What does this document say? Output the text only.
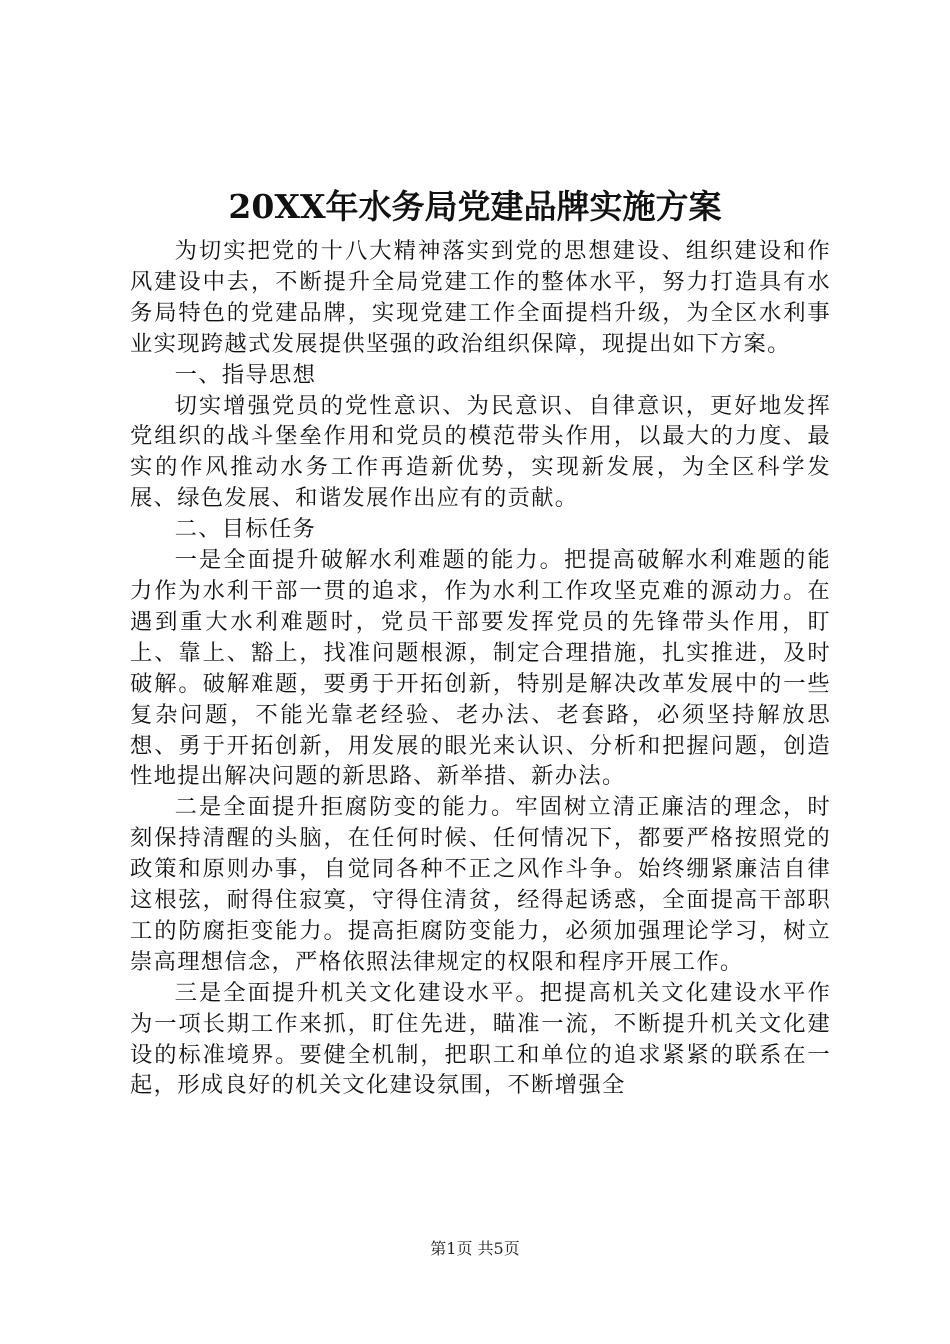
20XX年水务局党建品牌实施方案

为切实把党的十八大精神落实到党的思想建设、组织建设和作风建设中去，不断提升全局党建工作的整体水平，努力打造具有水务局特色的党建品牌，实现党建工作全面提档升级，为全区水利事业实现跨越式发展提供坚强的政治组织保障，现提出如下方案。

一、指导思想

切实增强党员的党性意识、为民意识、自律意识，更好地发挥党组织的战斗堡垒作用和党员的模范带头作用，以最大的力度、最实的作风推动水务工作再造新优势，实现新发展，为全区科学发展、绿色发展、和谐发展作出应有的贡献。

二、目标任务

一是全面提升破解水利难题的能力。把提高破解水利难题的能力作为水利干部一贯的追求，作为水利工作攻坚克难的源动力。在遇到重大水利难题时，党员干部要发挥党员的先锋带头作用，盯上、靠上、豁上，找准问题根源，制定合理措施，扎实推进，及时破解。破解难题，要勇于开拓创新，特别是解决改革发展中的一些复杂问题，不能光靠老经验、老办法、老套路，必须坚持解放思想、勇于开拓创新，用发展的眼光来认识、分析和把握问题，创造性地提出解决问题的新思路、新举措、新办法。

二是全面提升拒腐防变的能力。牢固树立清正廉洁的理念，时刻保持清醒的头脑，在任何时候、任何情况下，都要严格按照党的政策和原则办事，自觉同各种不正之风作斗争。始终绷紧廉洁自律这根弦，耐得住寂寞，守得住清贫，经得起诱惑，全面提高干部职工的防腐拒变能力。提高拒腐防变能力，必须加强理论学习，树立崇高理想信念，严格依照法律规定的权限和程序开展工作。

三是全面提升机关文化建设水平。把提高机关文化建设水平作为一项长期工作来抓，盯住先进，瞄准一流，不断提升机关文化建设的标准境界。要健全机制，把职工和单位的追求紧紧的联系在一起，形成良好的机关文化建设氛围，不断增强全

第1页 共5页
